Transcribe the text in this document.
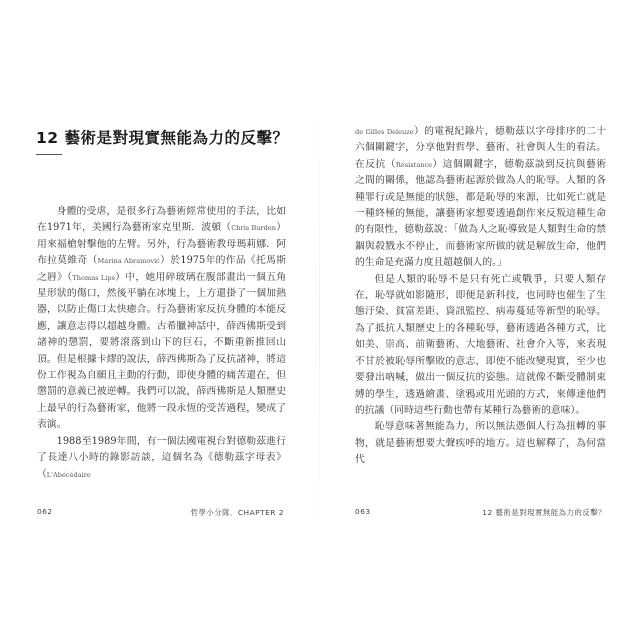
12 藝術是對現實無能為力的反擊？

身體的受虐，是很多行為藝術經常使用的手法，比如在1971年，美國行為藝術家克里斯．波頓（Chris Burden）用來福槍射擊他的左臂。另外，行為藝術教母瑪莉娜．阿布拉莫維奇（Marina Abramović）於1975年的作品《托馬斯之唇》（Thomas Lips）中，她用碎玻璃在腹部畫出一個五角星形狀的傷口，然後平躺在冰塊上，上方還掛了一個加熱器，以防止傷口太快癒合。行為藝術家反抗身體的本能反應，讓意志得以超越身體。古希臘神話中，薛西佛斯受到諸神的懲罰，要將滾落到山下的巨石，不斷重新推回山頂。但是根據卡繆的說法，薛西佛斯為了反抗諸神，將這份工作視為自願且主動的行動，即使身體的痛苦還在，但懲罰的意義已被逆轉。我們可以說，薛西佛斯是人類歷史上最早的行為藝術家，他將一段永恆的受苦過程，變成了表演。

1988至1989年間，有一個法國電視台對德勒茲進行了長達八小時的錄影訪談，這個名為《德勒茲字母表》（L'Abécédaire

062	哲學小分隊．CHAPTER 2

de Gilles Deleuze）的電視紀錄片，德勒茲以字母排序的二十六個關鍵字，分享他對哲學、藝術、社會與人生的看法。在反抗（Résistance）這個關鍵字，德勒茲談到反抗與藝術之間的關係，他認為藝術起源於做為人的恥辱。人類的各種罪行或是無能的狀態，都是恥辱的來源，比如死亡就是一種終極的無能，讓藝術家想要透過創作來反叛這種生命的有限性，德勒茲說：「做為人之恥導致是人類對生命的禁錮與殺戮永不停止，而藝術家所做的就是解放生命，他們的生命是充滿力度且超越個人的。」

但是人類的恥辱不是只有死亡或戰爭，只要人類存在，恥辱就如影隨形，即便是新科技，也同時也催生了生態汙染、貧富差距、資訊監控、病毒蔓延等新型的恥辱。為了抵抗人類歷史上的各種恥辱，藝術透過各種方式，比如美、崇高、前衛藝術、大地藝術、社會介入等，來表現不甘於被恥辱所擊敗的意志，即使不能改變現實，至少也要發出吶喊，做出一個反抗的姿態。這就像不斷受體制束縛的學生，透過繪畫、塗鴉或用光頭的方式，來傳達他們的抗議（同時這些行動也帶有某種行為藝術的意味）。

恥辱意味著無能為力，所以無法憑個人行為扭轉的事物，就是藝術想要大聲疾呼的地方。這也解釋了，為何當代

063	12 藝術是對現實無能為力的反擊？
